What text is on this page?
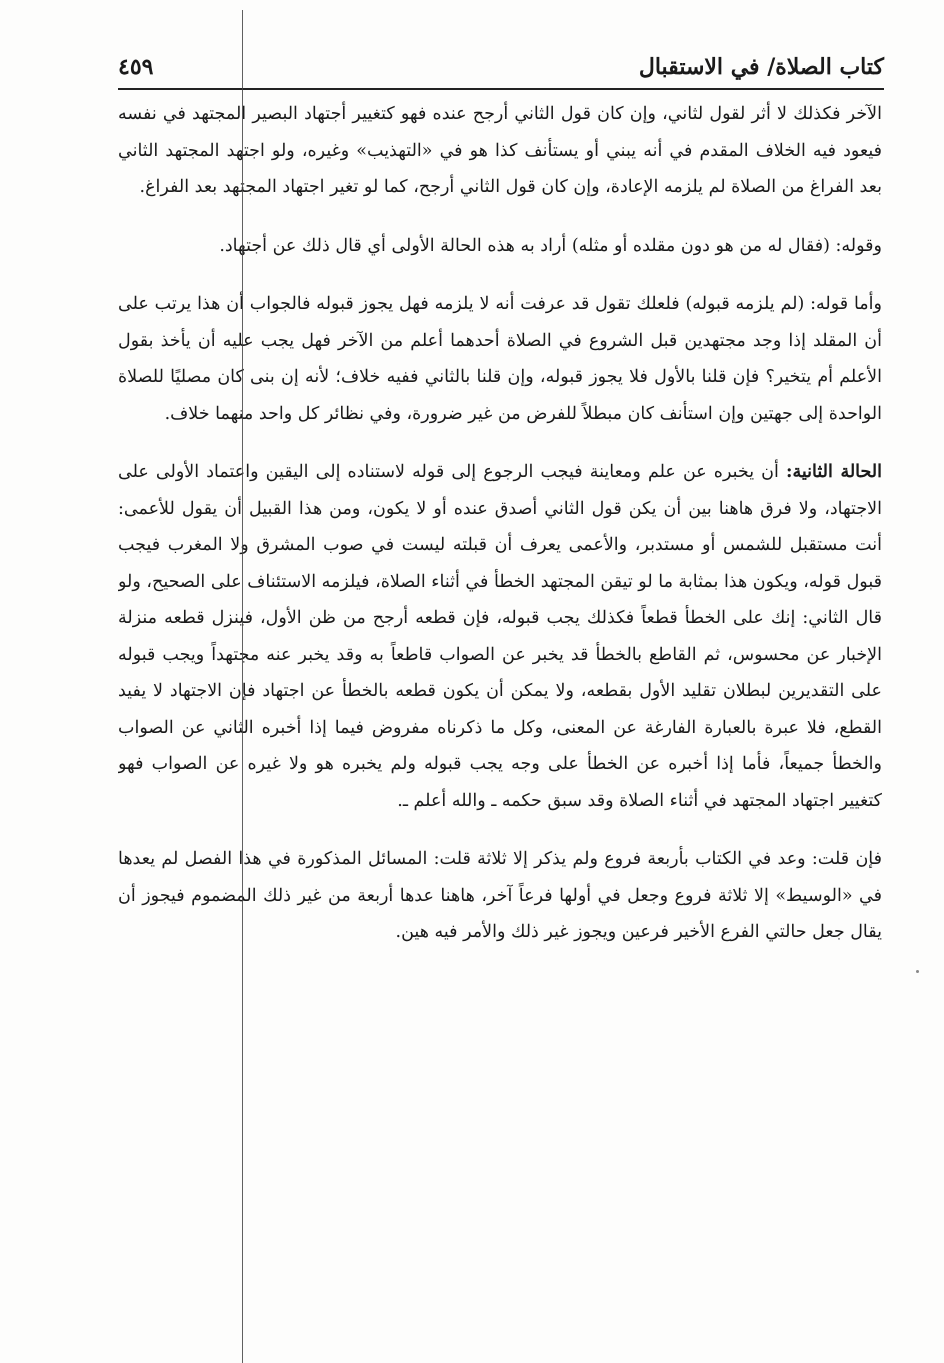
كتاب الصلاة/ في الاستقبال
٤٥٩

الآخر فكذلك لا أثر لقول لثاني، وإن كان قول الثاني أرجح عنده فهو كتغيير أجتهاد البصير المجتهد في نفسه فيعود فيه الخلاف المقدم في أنه يبني أو يستأنف كذا هو في «التهذيب» وغيره، ولو اجتهد المجتهد الثاني بعد الفراغ من الصلاة لم يلزمه الإعادة، وإن كان قول الثاني أرجح، كما لو تغير اجتهاد المجتهد بعد الفراغ.

وقوله: (فقال له من هو دون مقلده أو مثله) أراد به هذه الحالة الأولى أي قال ذلك عن أجتهاد.

وأما قوله: (لم يلزمه قبوله) فلعلك تقول قد عرفت أنه لا يلزمه فهل يجوز قبوله فالجواب أن هذا يرتب على أن المقلد إذا وجد مجتهدين قبل الشروع في الصلاة أحدهما أعلم من الآخر فهل يجب عليه أن يأخذ بقول الأعلم أم يتخير؟ فإن قلنا بالأول فلا يجوز قبوله، وإن قلنا بالثاني ففيه خلاف؛ لأنه إن بنى كان مصليًا للصلاة الواحدة إلى جهتين وإن استأنف كان مبطلاً للفرض من غير ضرورة، وفي نظائر كل واحد منهما خلاف.

الحالة الثانية: أن يخبره عن علم ومعاينة فيجب الرجوع إلى قوله لاستناده إلى اليقين واعتماد الأولى على الاجتهاد، ولا فرق هاهنا بين أن يكن قول الثاني أصدق عنده أو لا يكون، ومن هذا القبيل أن يقول للأعمى: أنت مستقبل للشمس أو مستدبر، والأعمى يعرف أن قبلته ليست في صوب المشرق ولا المغرب فيجب قبول قوله، ويكون هذا بمثابة ما لو تيقن المجتهد الخطأ في أثناء الصلاة، فيلزمه الاستئناف على الصحيح، ولو قال الثاني: إنك على الخطأ قطعاً فكذلك يجب قبوله، فإن قطعه أرجح من ظن الأول، فينزل قطعه منزلة الإخبار عن محسوس، ثم القاطع بالخطأ قد يخبر عن الصواب قاطعاً به وقد يخبر عنه مجتهداً ويجب قبوله على التقديرين لبطلان تقليد الأول بقطعه، ولا يمكن أن يكون قطعه بالخطأ عن اجتهاد فإن الاجتهاد لا يفيد القطع، فلا عبرة بالعبارة الفارغة عن المعنى، وكل ما ذكرناه مفروض فيما إذا أخبره الثاني عن الصواب والخطأ جميعاً، فأما إذا أخبره عن الخطأ على وجه يجب قبوله ولم يخبره هو ولا غيره عن الصواب فهو كتغيير اجتهاد المجتهد في أثناء الصلاة وقد سبق حكمه ـ والله أعلم ـ.

فإن قلت: وعد في الكتاب بأربعة فروع ولم يذكر إلا ثلاثة قلت: المسائل المذكورة في هذا الفصل لم يعدها في «الوسيط» إلا ثلاثة فروع وجعل في أولها فرعاً آخر، هاهنا عدها أربعة من غير ذلك المضموم فيجوز أن يقال جعل حالتي الفرع الأخير فرعين ويجوز غير ذلك والأمر فيه هين.
